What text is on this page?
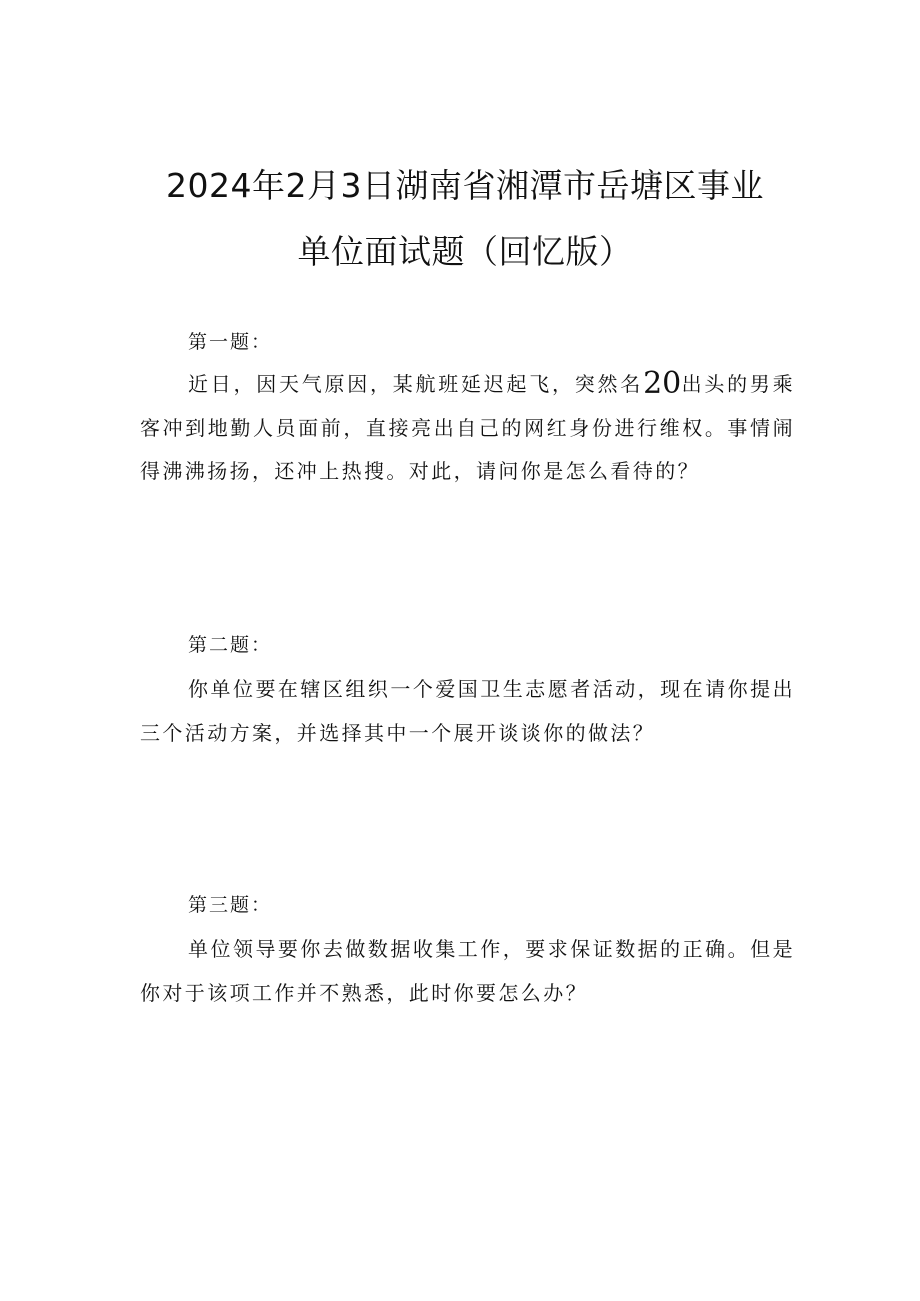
2024年2月3日湖南省湘潭市岳塘区事业
单位面试题（回忆版）
第一题：
近日，因天气原因，某航班延迟起飞，突然名20出头的男乘客冲到地勤人员面前，直接亮出自己的网红身份进行维权。事情闹得沸沸扬扬，还冲上热搜。对此，请问你是怎么看待的？
第二题：
你单位要在辖区组织一个爱国卫生志愿者活动，现在请你提出三个活动方案，并选择其中一个展开谈谈你的做法？
第三题：
单位领导要你去做数据收集工作，要求保证数据的正确。但是你对于该项工作并不熟悉，此时你要怎么办？
